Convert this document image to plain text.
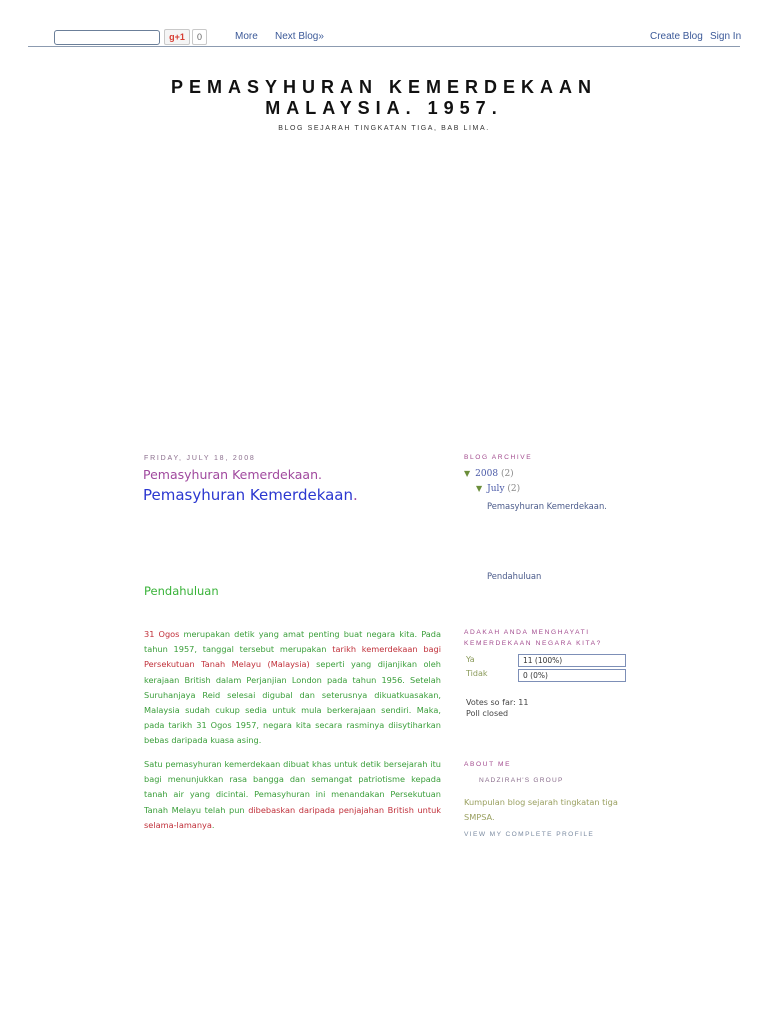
g+1	0	More Next Blog»	Create Blog Sign In
PEMASYHURAN KEMERDEKAAN
MALAYSIA. 1957.
BLOG SEJARAH TINGKATAN TIGA, BAB LIMA.
FRIDAY, JULY 18, 2008
Pemasyhuran Kemerdekaan.
Pemasyhuran Kemerdekaan.
Pendahuluan
31 Ogos merupakan detik yang amat penting buat negara kita. Pada tahun 1957, tanggal tersebut merupakan tarikh kemerdekaan bagi Persekutuan Tanah Melayu (Malaysia) seperti yang dijanjikan oleh kerajaan British dalam Perjanjian London pada tahun 1956. Setelah Suruhanjaya Reid selesai digubal dan seterusnya dikuatkuasakan, Malaysia sudah cukup sedia untuk mula berkerajaan sendiri. Maka, pada tarikh 31 Ogos 1957, negara kita secara rasminya diisytiharkan bebas daripada kuasa asing.
Satu pemasyhuran kemerdekaan dibuat khas untuk detik bersejarah itu bagi menunjukkan rasa bangga dan semangat patriotisme kepada tanah air yang dicintai. Pemasyhuran ini menandakan Persekutuan Tanah Melayu telah pun dibebaskan daripada penjajahan British untuk selama-lamanya.
BLOG ARCHIVE
▼ 2008 (2)
▼ July (2)
Pemasyhuran Kemerdekaan.
Pendahuluan
ADAKAH ANDA MENGHAYATI
KEMERDEKAAN NEGARA KITA?
Ya	11 (100%)
Tidak	0 (0%)
Votes so far: 11
Poll closed
ABOUT ME
NADZIRAH'S GROUP
Kumpulan blog sejarah tingkatan tiga SMPSA.
VIEW MY COMPLETE PROFILE
